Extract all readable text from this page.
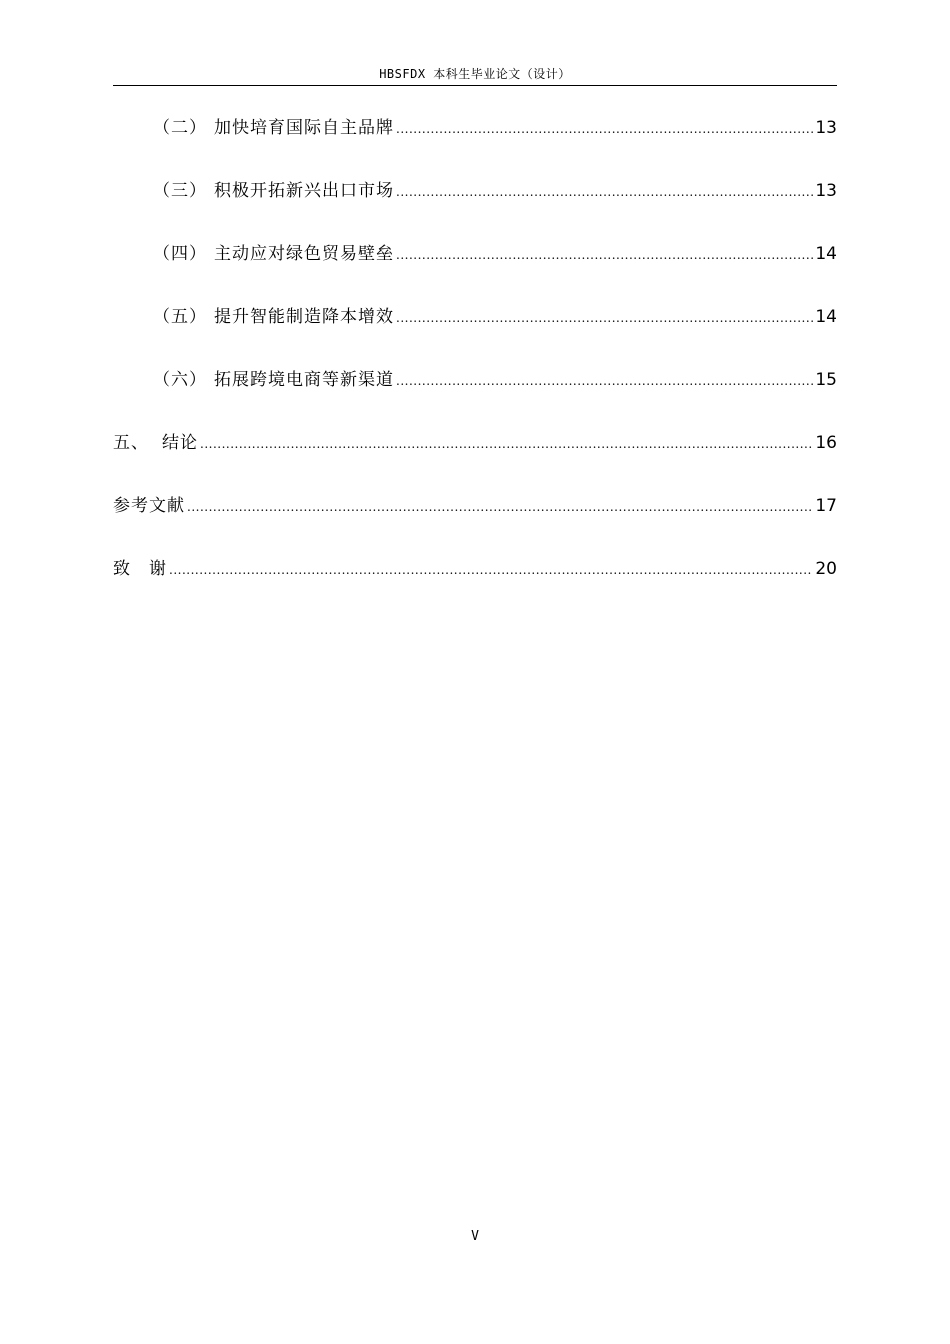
HBSFDX 本科生毕业论文（设计）
（二） 加快培育国际自主品牌 .....	13
（三） 积极开拓新兴出口市场 .....	13
（四） 主动应对绿色贸易壁垒 .....	14
（五） 提升智能制造降本增效 .....	14
（六） 拓展跨境电商等新渠道 .....	15
五、 结论 .....	16
参考文献 .....	17
致　谢 .....	20
V
